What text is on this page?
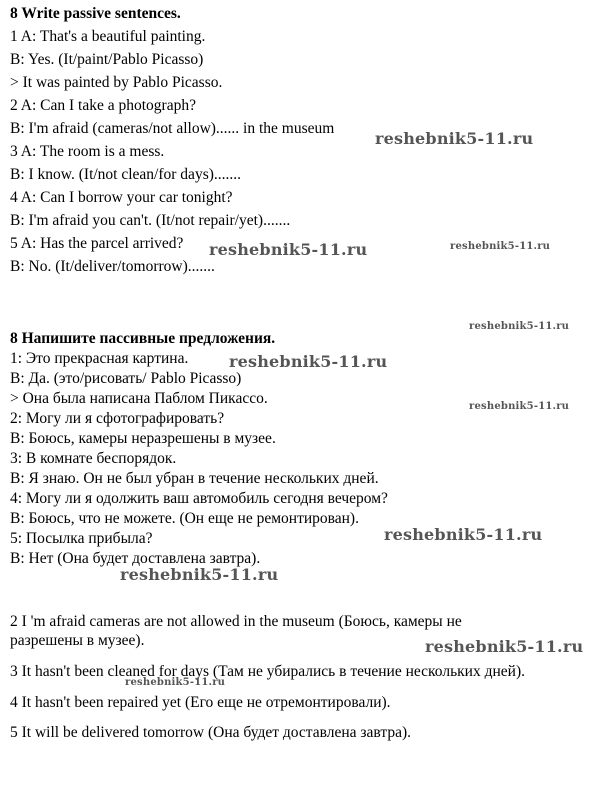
8 Write passive sentences.
1 A: That's a beautiful painting.
B: Yes. (It/paint/Pablo Picasso)
> It was painted by Pablo Picasso.
2 A: Can I take a photograph?
B: I'm afraid (cameras/not allow)...... in the museum
3 A: The room is a mess.
B: I know. (It/not clean/for days).......
4 A: Can I borrow your car tonight?
B: I'm afraid you can't. (It/not repair/yet).......
5 A: Has the parcel arrived?
B: No. (It/deliver/tomorrow).......
8 Напишите пассивные предложения.
1: Это прекрасная картина.
B: Да. (это/рисовать/ Pablo Picasso)
> Она была написана Паблом Пикассо.
2: Могу ли я сфотографировать?
B: Боюсь, камеры неразрешены в музее.
3: В комнате беспорядок.
B: Я знаю. Он не был убран в течение нескольких дней.
4: Могу ли я одолжить ваш автомобиль сегодня вечером?
B: Боюсь, что не можете. (Он еще не ремонтирован).
5: Посылка прибыла?
B: Нет (Она будет доставлена завтра).
2 I 'm afraid cameras are not allowed in the museum (Боюсь, камеры не
разрешены в музее).
3 It hasn't been cleaned for days (Там не убирались в течение нескольких дней).
4 It hasn't been repaired yet (Его еще не отремонтировали).
5 It will be delivered tomorrow (Она будет доставлена завтра).
reshebnik5-11.ru
reshebnik5-11.ru	reshebnik5-11.ru
reshebnik5-11.ru
reshebnik5-11.ru
reshebnik5-11.ru
reshebnik5-11.ru
reshebnik5-11.ru
reshebnik5-11.ru
reshebnik5-11.ru
